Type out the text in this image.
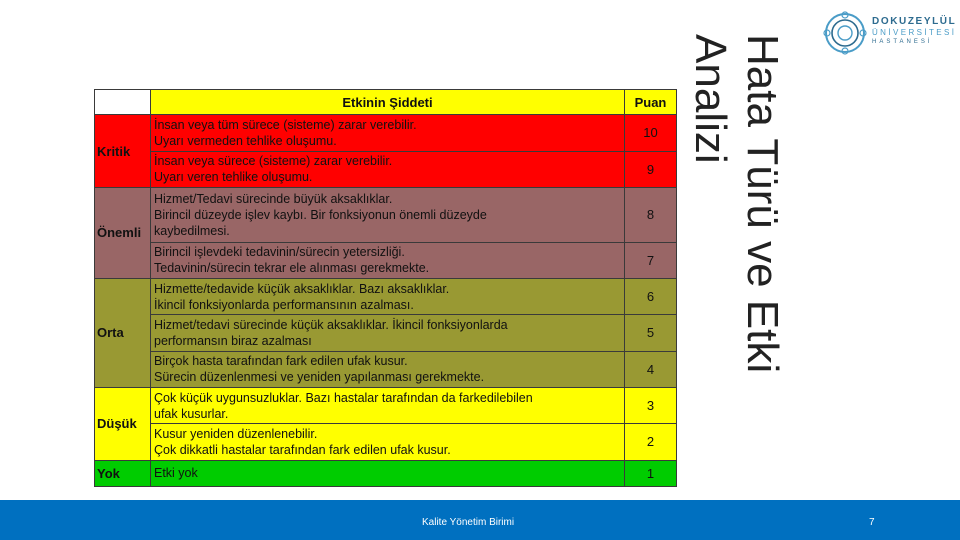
DOKUZEYLÜL
ÜNİVERSİTESİ
HASTANESİ
Hata Türü ve Etki
Analizi
	Etkinin Şiddeti	Puan
Kritik	İnsan veya tüm sürece (sisteme) zarar verebilir.
Uyarı vermeden tehlike oluşumu.	10

	İnsan veya sürece (sisteme) zarar verebilir.
Uyarı veren tehlike oluşumu.	9
Önemli	Hizmet/Tedavi sürecinde büyük aksaklıklar.
Birincil düzeyde işlev kaybı. Bir fonksiyonun önemli düzeyde
kaybedilmesi.	8

	Birincil işlevdeki tedavinin/sürecin yetersizliği.
Tedavinin/sürecin tekrar ele alınması gerekmekte.	7
Orta	Hizmette/tedavide küçük aksaklıklar. Bazı aksaklıklar.
İkincil fonksiyonlarda performansının azalması.	6

	Hizmet/tedavi sürecinde küçük aksaklıklar. İkincil fonksiyonlarda
performansın biraz azalması	5

	Birçok hasta tarafından fark edilen ufak kusur.
Sürecin düzenlenmesi ve yeniden yapılanması gerekmekte.	4
Düşük	Çok küçük uygunsuzluklar. Bazı hastalar tarafından da farkedilebilen
ufak kusurlar.	3

	Kusur yeniden düzenlenebilir.
Çok dikkatli hastalar tarafından fark edilen ufak kusur.	2
Yok	Etki yok	1
Kalite Yönetim Birimi	7
